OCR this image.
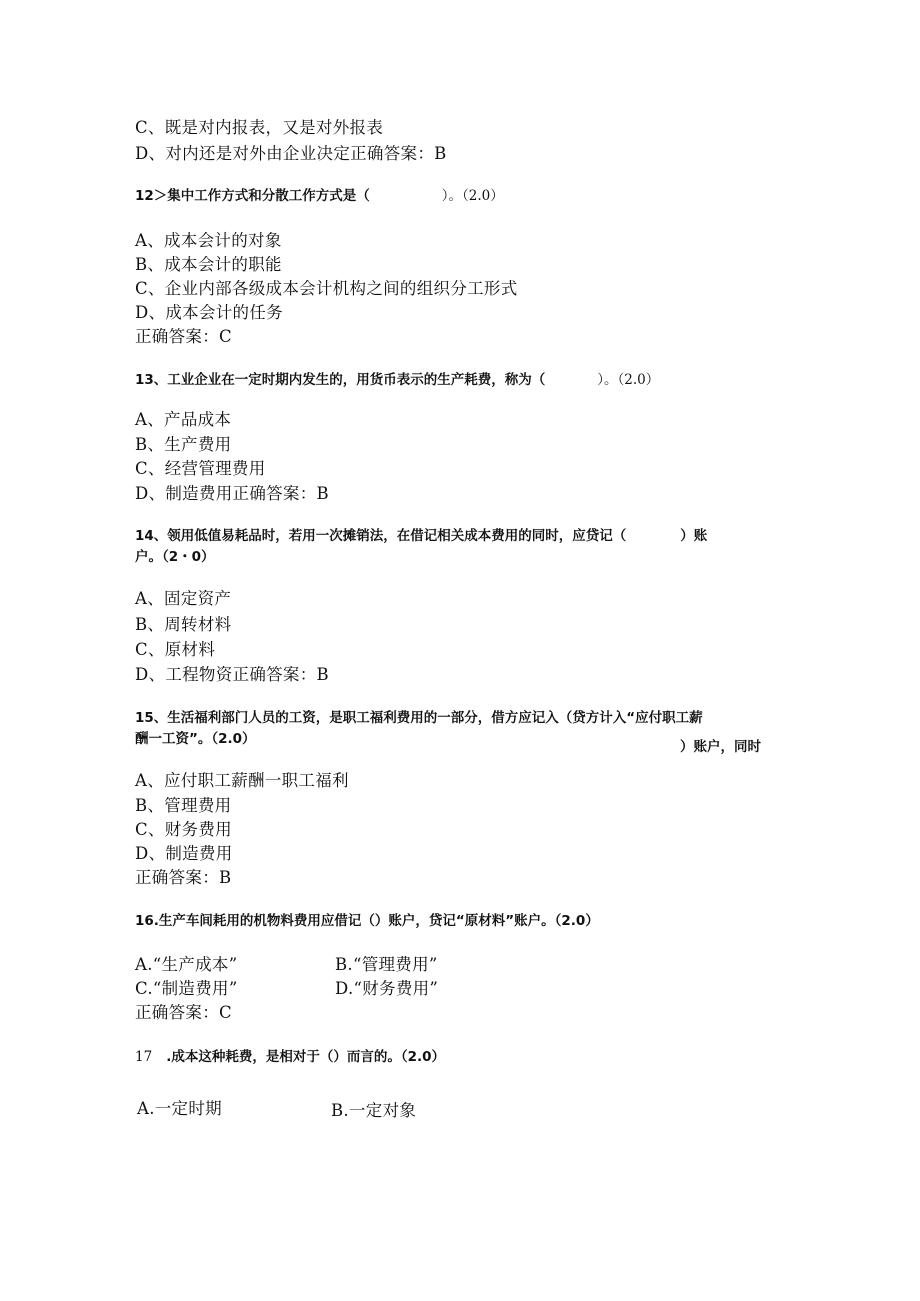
C、既是对内报表，又是对外报表
D、对内还是对外由企业决定正确答案：B
12＞集中工作方式和分散工作方式是（	）。（2.0）
A、成本会计的对象
B、成本会计的职能
C、企业内部各级成本会计机构之间的组织分工形式
D、成本会计的任务
正确答案：C
13、工业企业在一定时期内发生的，用货币表示的生产耗费，称为（	）。（2.0）
A、产品成本
B、生产费用
C、经营管理费用
D、制造费用正确答案：B
14、领用低值易耗品时，若用一次摊销法，在借记相关成本费用的同时，应贷记（	）账
户。（2・0）
A、固定资产
B、周转材料
C、原材料
D、工程物资正确答案：B
15、生活福利部门人员的工资，是职工福利费用的一部分，借方应记入（贷方计入“应付职工薪
酬一工资”。（2.0）	）账户，同时
A、应付职工薪酬一职工福利
B、管理费用
C、财务费用
D、制造费用
正确答案：B
16.生产车间耗用的机物料费用应借记（）账户，贷记“原材料”账户。（2.0）
A.“生产成本”	B.“管理费用”
C.“制造费用”	D.“财务费用”
正确答案：C
17 .成本这种耗费，是相对于（）而言的。（2.0）
A.一定时期	B.一定对象
